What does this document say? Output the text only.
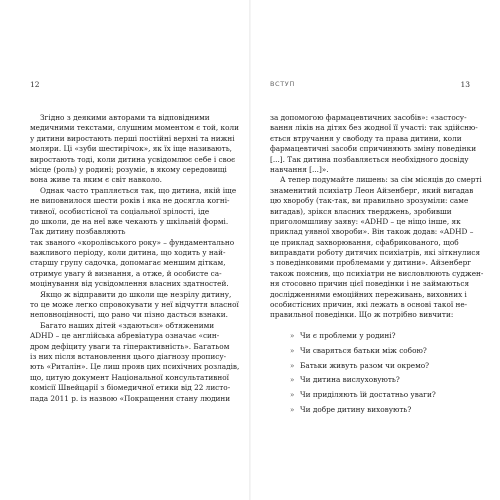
12
Згідно з деякими авторами та відповідними
медичними текстами, слушним моментом є той, коли
у дитини виростають перші постійні верхні та нижні
моляри. Ці «зуби шестирічок», як їх іще називають,
виростають тоді, коли дитина усвідомлює себе і своє
місце (роль) у родині; розуміє, в якому середовищі
вона живе та яким є світ навколо.
Однак часто трапляється так, що дитина, якій іще
не виповнилося шести років і яка не досягла когні-
тивної, особистісної та соціальної зрілості, іде
до школи, де на неї вже чекають у шкільній формі.
Так дитину позбавляють
так званого «королівського року» – фундаментально
важливого періоду, коли дитина, що ходить у най-
старшу групу садочка, допомагає меншим діткам,
отримує увагу й визнання, а отже, й особисте са-
моцінування від усвідомлення власних здатностей.
Якщо ж відправити до школи ще незрілу дитину,
то це може легко спровокувати у неї відчуття власної
неповноцінності, що рано чи пізно дасться взнаки.
Багато наших дітей «здаються» обтяженими
ADHD – це англійська абревіатура означає «син-
дром дефіциту уваги та гіперактивність». Багатьом
із них після встановлення цього діагнозу пропису-
ють «Риталін». Це лиш прояв цих психічних розладів,
що, цитую документ Національної консультативної
комісії Швейцарії з біомедичної етики від 22 листо-
пада 2011 р. із назвою «Покращення стану людини
ВСТУП	13
за допомогою фармацевтичних засобів»: «застосу-
вання ліків на дітях без жодної її участі: так здійсню-
ється втручання у свободу та права дитини, коли
фармацевтичні засоби спричиняють зміну поведінки
[...]. Так дитина позбавляється необхідного досвіду
навчання [...]».
А тепер подумайте лишень: за сім місяців до смерті
знаменитий психіатр Леон Айзенберг, який вигадав
цю хворобу (так-так, ви правильно зрозуміли: саме
вигадав), зрікся власних тверджень, зробивши
приголомшливу заяву: «ADHD – це ніщо інше, як
приклад уявної хвороби». Він також додав: «ADHD –
це приклад захворювання, сфабрикованого, щоб
виправдати роботу дитячих психіатрів, які зіткнулися
з поведінковими проблемами у дитини». Айзенберг
також пояснив, що психіатри не висловлюють суджен-
ня стосовно причин цієї поведінки і не займаються
дослідженнями емоційних переживань, виховних і
особистісних причин, які лежать в основі такої не-
правильної поведінки. Що ж потрібно вивчити:
» Чи є проблеми у родині?
» Чи сваряться батьки між собою?
» Батьки живуть разом чи окремо?
» Чи дитина вислуховують?
» Чи приділяють їй достатньо уваги?
» Чи добре дитину виховують?
